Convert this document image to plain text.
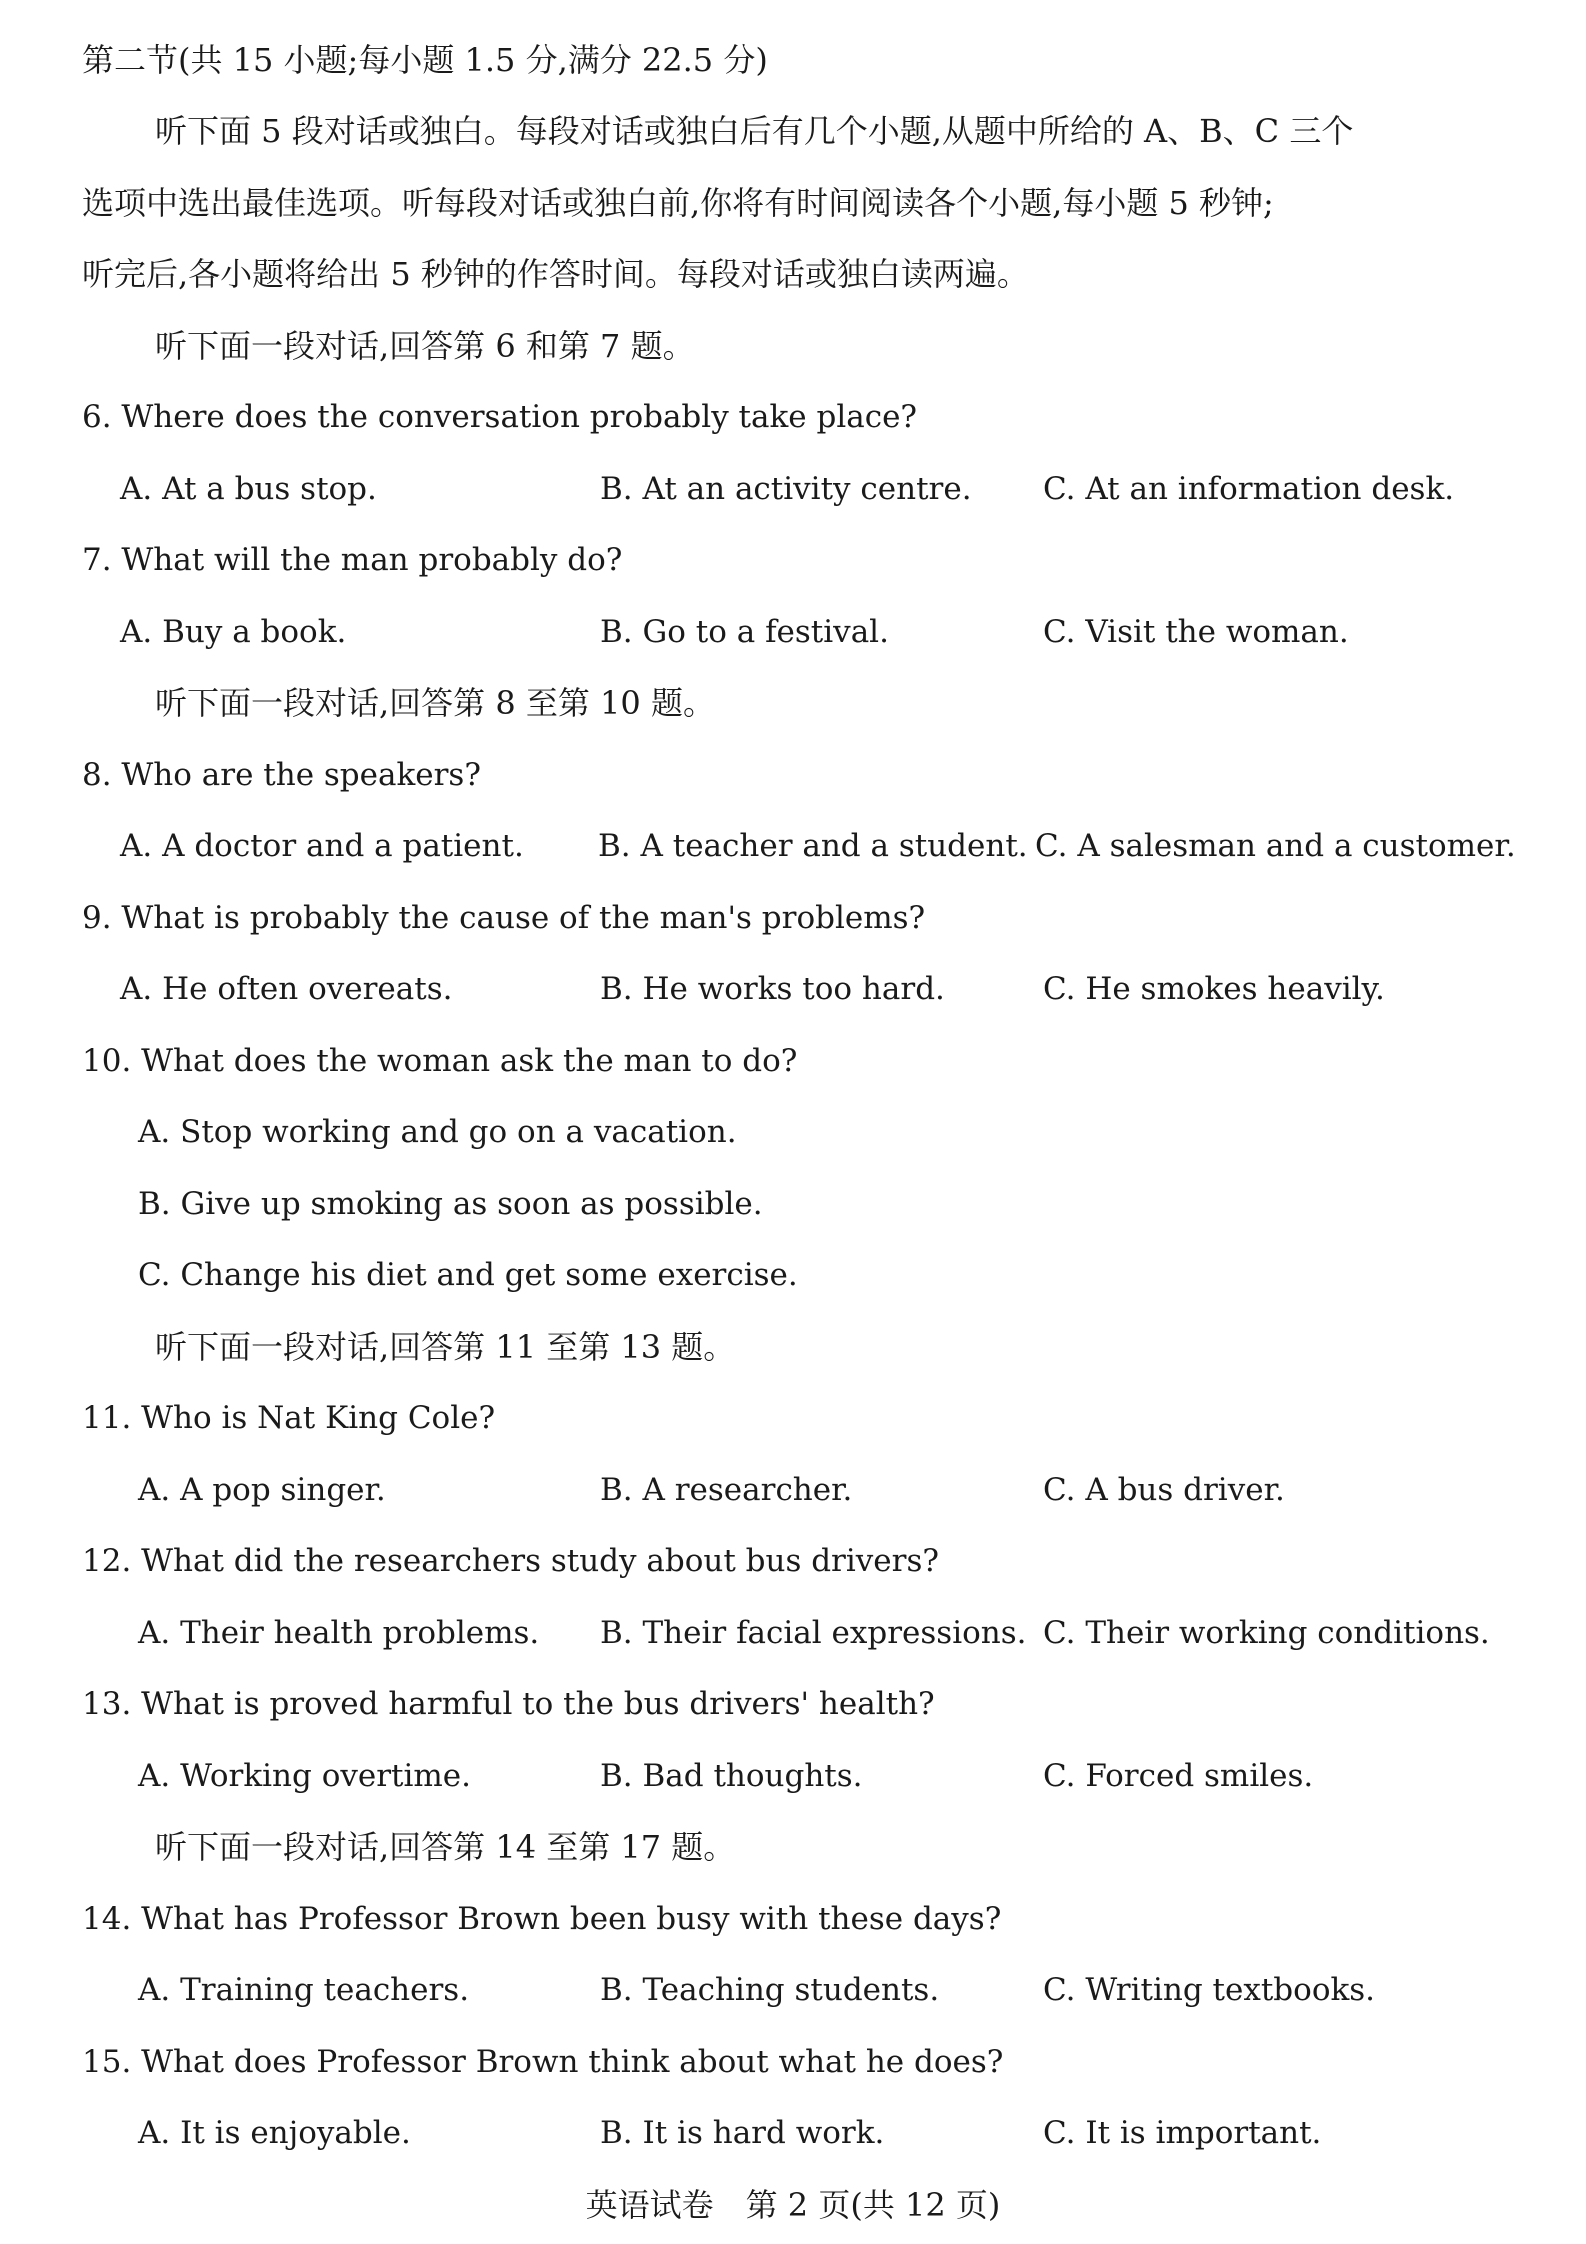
第二节(共 15 小题;每小题 1.5 分,满分 22.5 分)
听下面 5 段对话或独白。每段对话或独白后有几个小题,从题中所给的 A、B、C 三个
选项中选出最佳选项。听每段对话或独白前,你将有时间阅读各个小题,每小题 5 秒钟;
听完后,各小题将给出 5 秒钟的作答时间。每段对话或独白读两遍。
听下面一段对话,回答第 6 和第 7 题。
6. Where does the conversation probably take place?
A. At a bus stop.	B. At an activity centre. C. At an information desk.
7. What will the man probably do?
A. Buy a book.	B. Go to a festival.	C. Visit the woman.
听下面一段对话,回答第 8 至第 10 题。
8. Who are the speakers?
A. A doctor and a patient. B. A teacher and a student. C. A salesman and a customer.
9. What is probably the cause of the man's problems?
A. He often overeats.	B. He works too hard.	C. He smokes heavily.
10. What does the woman ask the man to do?
A. Stop working and go on a vacation.
B. Give up smoking as soon as possible.
C. Change his diet and get some exercise.
听下面一段对话,回答第 11 至第 13 题。
11. Who is Nat King Cole?
A. A pop singer.	B. A researcher.	C. A bus driver.
12. What did the researchers study about bus drivers?
A. Their health problems. B. Their facial expressions. C. Their working conditions.
13. What is proved harmful to the bus drivers' health?
A. Working overtime.	B. Bad thoughts.	C. Forced smiles.
听下面一段对话,回答第 14 至第 17 题。
14. What has Professor Brown been busy with these days?
A. Training teachers.	B. Teaching students.	C. Writing textbooks.
15. What does Professor Brown think about what he does?
A. It is enjoyable.	B. It is hard work.	C. It is important.
英语试卷　第 2 页(共 12 页)
